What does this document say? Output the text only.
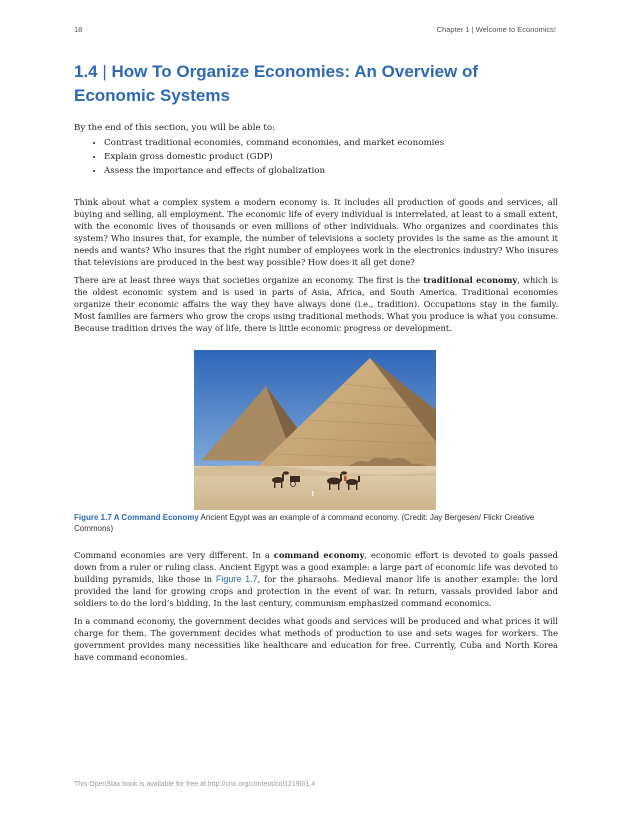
18	Chapter 1 | Welcome to Economics!
1.4 | How To Organize Economies: An Overview of Economic Systems
By the end of this section, you will be able to:
• Contrast traditional economies, command economies, and market economies
• Explain gross domestic product (GDP)
• Assess the importance and effects of globalization

Think about what a complex system a modern economy is. It includes all production of goods and services, all buying and selling, all employment. The economic life of every individual is interrelated, at least to a small extent, with the economic lives of thousands or even millions of other individuals. Who organizes and coordinates this system? Who insures that, for example, the number of televisions a society provides is the same as the amount it needs and wants? Who insures that the right number of employees work in the electronics industry? Who insures that televisions are produced in the best way possible? How does it all get done?

There are at least three ways that societies organize an economy. The first is the traditional economy, which is the oldest economic system and is used in parts of Asia, Africa, and South America. Traditional economies organize their economic affairs the way they have always done (i.e., tradition). Occupations stay in the family. Most families are farmers who grow the crops using traditional methods. What you produce is what you consume. Because tradition drives the way of life, there is little economic progress or development.

Figure 1.7 A Command Economy Ancient Egypt was an example of a command economy. (Credit: Jay Bergesen/ Flickr Creative Commons)

Command economies are very different. In a command economy, economic effort is devoted to goals passed down from a ruler or ruling class. Ancient Egypt was a good example: a large part of economic life was devoted to building pyramids, like those in Figure 1.7, for the pharaohs. Medieval manor life is another example: the lord provided the land for growing crops and protection in the event of war. In return, vassals provided labor and soldiers to do the lord’s bidding. In the last century, communism emphasized command economics.

In a command economy, the government decides what goods and services will be produced and what prices it will charge for them. The government decides what methods of production to use and sets wages for workers. The government provides many necessities like healthcare and education for free. Currently, Cuba and North Korea have command economies.

This OpenStax book is available for free at http://cnx.org/content/col12190/1.4
